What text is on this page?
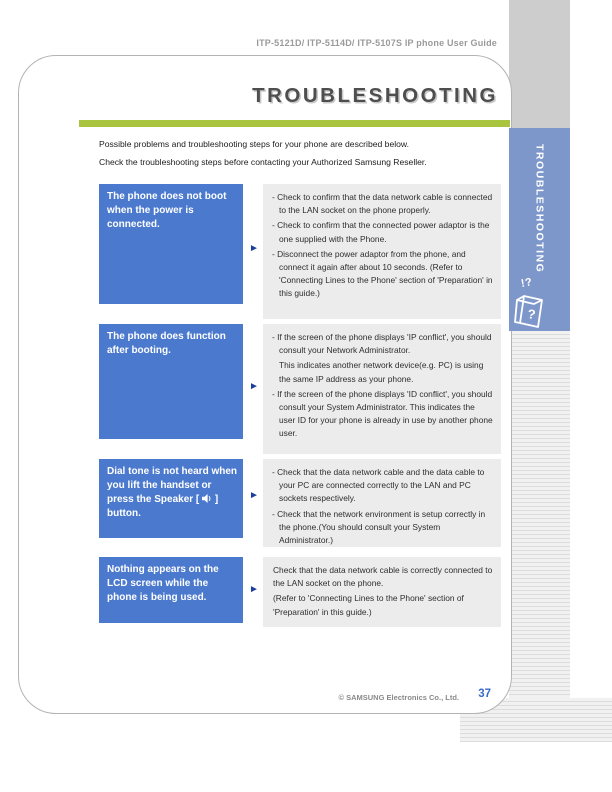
TROUBLESHOOTING
!?
?
ITP-5121D/ ITP-5114D/ ITP-5107S IP phone User Guide
TROUBLESHOOTING
Possible problems and troubleshooting steps for your phone are described below.
Check the troubleshooting steps before contacting your Authorized Samsung Reseller.
The phone does not boot when the power is connected.
►
- Check to confirm that the data network cable is connected to the LAN socket on the phone properly.
- Check to confirm that the connected power adaptor is the one supplied with the Phone.
- Disconnect the power adaptor from the phone, and connect it again after about 10 seconds. (Refer to 'Connecting Lines to the Phone' section of 'Preparation' in this guide.)
The phone does function after booting.
►
- If the screen of the phone displays 'IP conflict', you should consult your Network Administrator.
This indicates another network device(e.g. PC) is using the same IP address as your phone.
- If the screen of the phone displays 'ID conflict', you should consult your System Administrator. This indicates the user ID for your phone is already in use by another phone user.
Dial tone is not heard when you lift the handset or press the Speaker [  ] button.
►
- Check that the data network cable and the data cable to your PC are connected correctly to the LAN and PC sockets respectively.
- Check that the network environment is setup correctly in the phone.(You should consult your System Administrator.)
Nothing appears on the LCD screen while the phone is being used.
►
Check that the data network cable is correctly connected to the LAN socket on the phone.
(Refer to 'Connecting Lines to the Phone' section of 'Preparation' in this guide.)
© SAMSUNG Electronics Co., Ltd. 37
